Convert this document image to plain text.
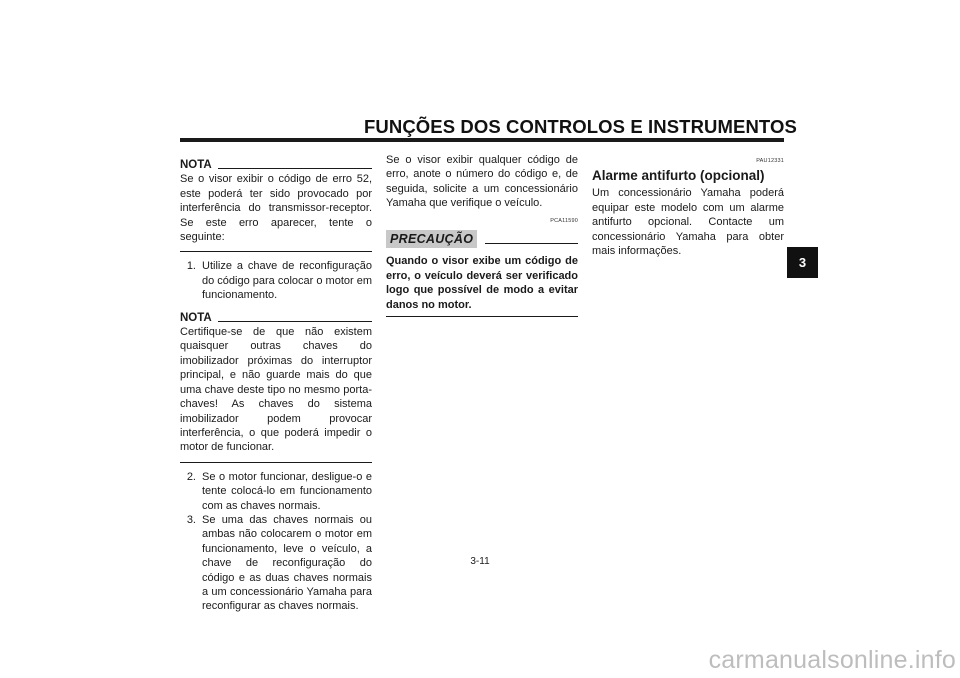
FUNÇÕES DOS CONTROLOS E INSTRUMENTOS
3
NOTA
Se o visor exibir o código de erro 52, este poderá ter sido provocado por interferência do transmissor-receptor. Se este erro aparecer, tente o seguinte:
1. Utilize a chave de reconfiguração do código para colocar o motor em funcionamento.
NOTA
Certifique-se de que não existem quaisquer outras chaves do imobilizador próximas do interruptor principal, e não guarde mais do que uma chave deste tipo no mesmo porta-chaves! As chaves do sistema imobilizador podem provocar interferência, o que poderá impedir o motor de funcionar.
2. Se o motor funcionar, desligue-o e tente colocá-lo em funcionamento com as chaves normais.
3. Se uma das chaves normais ou ambas não colocarem o motor em funcionamento, leve o veículo, a chave de reconfiguração do código e as duas chaves normais a um concessionário Yamaha para reconfigurar as chaves normais.
Se o visor exibir qualquer código de erro, anote o número do código e, de seguida, solicite a um concessionário Yamaha que verifique o veículo.
PCA11590
PRECAUÇÃO
Quando o visor exibe um código de erro, o veículo deverá ser verificado logo que possível de modo a evitar danos no motor.
PAU12331
Alarme antifurto (opcional)
Um concessionário Yamaha poderá equipar este modelo com um alarme antifurto opcional. Contacte um concessionário Yamaha para obter mais informações.
3-11
carmanualsonline.info
